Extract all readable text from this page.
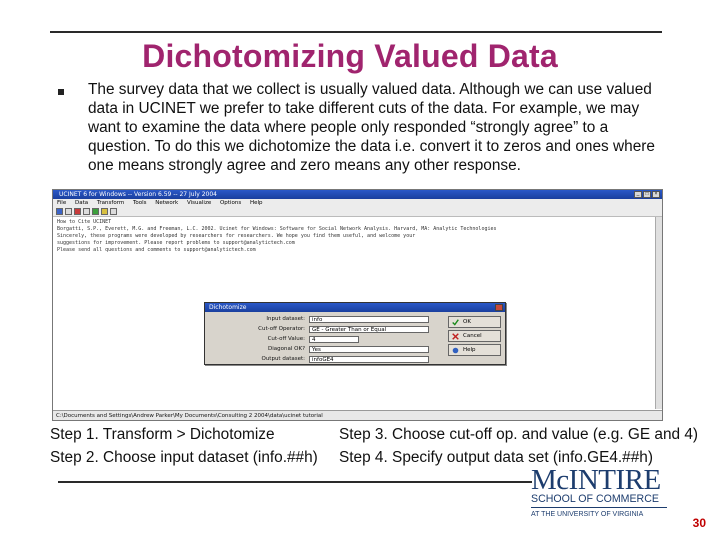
Dichotomizing Valued Data
The survey data that we collect is usually valued data. Although we can use valued data in UCINET we prefer to take different cuts of the data. For example, we may want to examine the data where people only responded “strongly agree” to a question. To do this we dichotomize the data i.e. convert it to zeros and ones where one means strongly agree and zero means any other response.
UCINET 6 for Windows -- Version 6.59 -- 27 July 2004	_	□	×
File Data Transform Tools Network Visualize Options Help
How to Cite UCINET
Borgatti, S.P., Everett, M.G. and Freeman, L.C. 2002. Ucinet for Windows: Software for Social Network Analysis. Harvard, MA: Analytic Technologies
Sincerely, these programs were developed by researchers for researchers. We hope you find them useful, and welcome your
suggestions for improvement. Please report problems to support@analytictech.com
Please send all questions and comments to support@analytictech.com
Dichotomize
Input dataset:	info
Cut-off Operator:	GE - Greater Than or Equal
Cut-off Value:	4
Diagonal OK?	Yes
Output dataset:	infoGE4
OK
Cancel
Help
C:\Documents and Settings\Andrew Parker\My Documents\Consulting 2 2004\data\ucinet tutorial
Step 1. Transform > Dichotomize
Step 2. Choose input dataset (info.##h)
Step 3. Choose cut-off op. and value (e.g. GE and 4)
Step 4. Specify output data set (info.GE4.##h)
McINTIRE
SCHOOL OF COMMERCE
AT THE UNIVERSITY OF VIRGINIA
30
